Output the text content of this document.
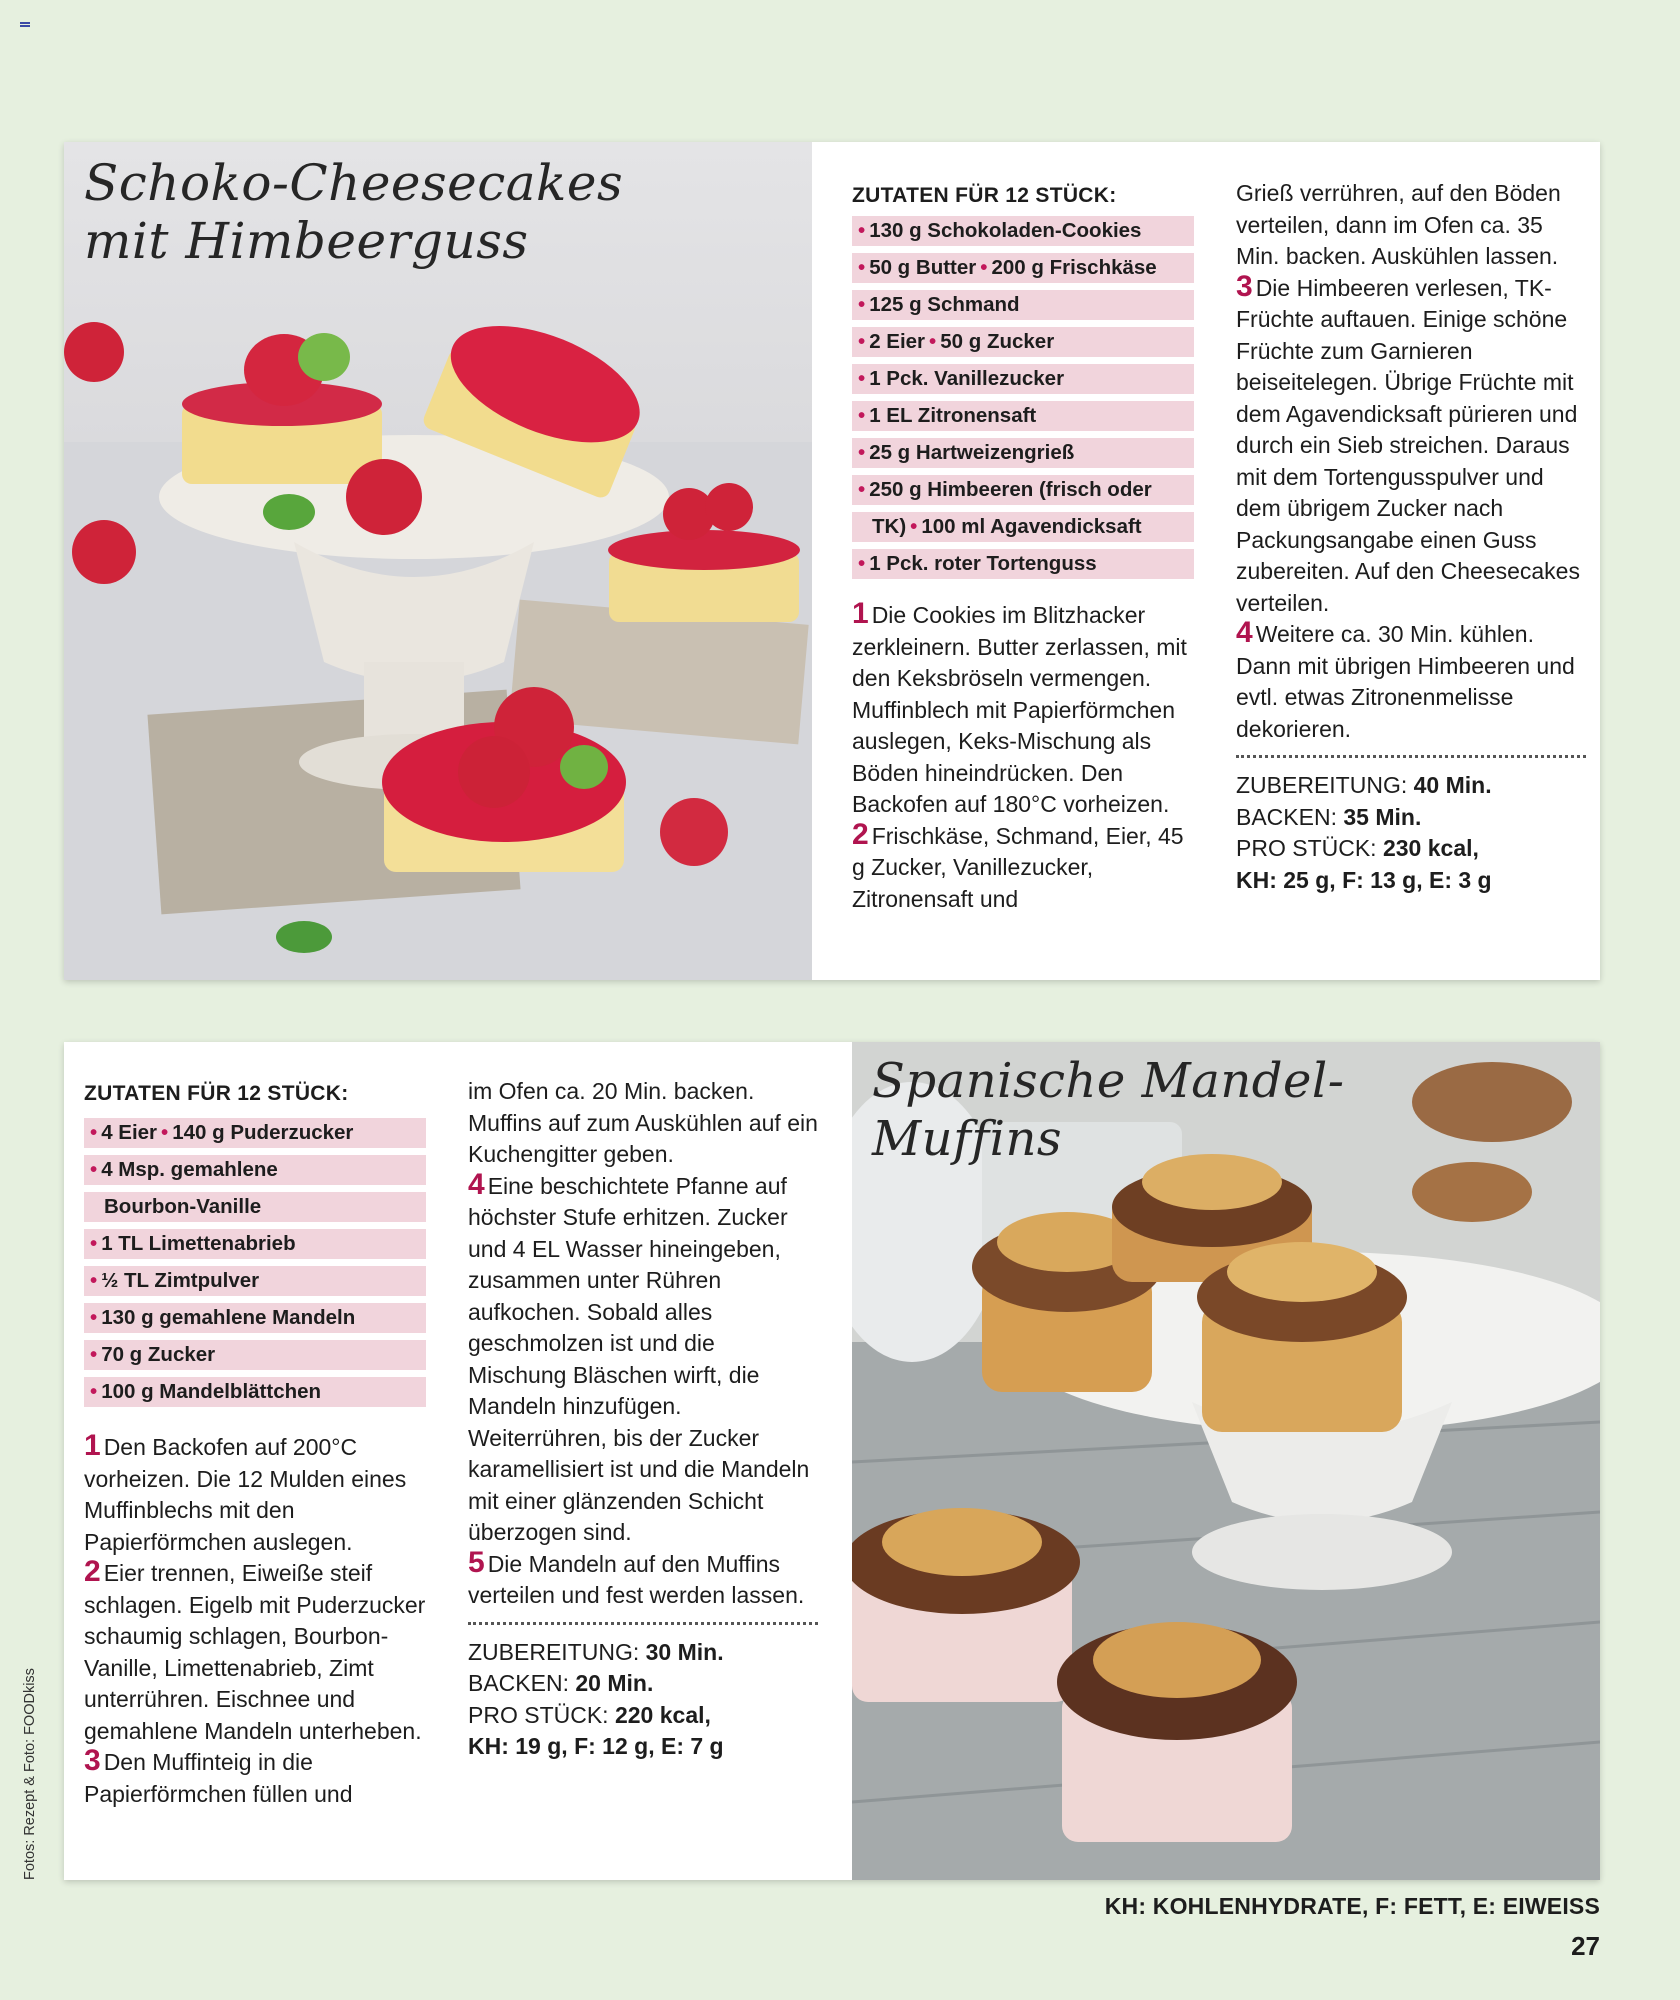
Schoko-Cheesecakes mit Himbeerguss
ZUTATEN FÜR 12 STÜCK:
• 130 g Schokoladen-Cookies
• 50 g Butter • 200 g Frischkäse
• 125 g Schmand
• 2 Eier • 50 g Zucker
• 1 Pck. Vanillezucker
• 1 EL Zitronensaft
• 25 g Hartweizengrieß
• 250 g Himbeeren (frisch oder
TK) • 100 ml Agavendicksaft
• 1 Pck. roter Tortenguss

1 Die Cookies im Blitzhacker zerkleinern. Butter zerlassen, mit den Keksbröseln vermengen. Muffinblech mit Papierförmchen auslegen, Keks-Mischung als Böden hineindrücken. Den Backofen auf 180°C vorheizen.

2 Frischkäse, Schmand, Eier, 45 g Zucker, Vanillezucker, Zitronensaft und

Grieß verrühren, auf den Böden verteilen, dann im Ofen ca. 35 Min. backen. Auskühlen lassen.

3 Die Himbeeren verlesen, TK-Früchte auftauen. Einige schöne Früchte zum Garnieren beiseitelegen. Übrige Früchte mit dem Agavendicksaft pürieren und durch ein Sieb streichen. Daraus mit dem Tortengusspulver und dem übrigem Zucker nach Packungsangabe einen Guss zubereiten. Auf den Cheesecakes verteilen.

4 Weitere ca. 30 Min. kühlen. Dann mit übrigen Himbeeren und evtl. etwas Zitronenmelisse dekorieren.

ZUBEREITUNG: 40 Min.
BACKEN: 35 Min.
PRO STÜCK: 230 kcal,
KH: 25 g, F: 13 g, E: 3 g
ZUTATEN FÜR 12 STÜCK:
• 4 Eier • 140 g Puderzucker
• 4 Msp. gemahlene
Bourbon-Vanille
• 1 TL Limettenabrieb
• ½ TL Zimtpulver
• 130 g gemahlene Mandeln
• 70 g Zucker
• 100 g Mandelblättchen

1 Den Backofen auf 200°C vorheizen. Die 12 Mulden eines Muffinblechs mit den Papierförmchen auslegen.

2 Eier trennen, Eiweiße steif schlagen. Eigelb mit Puderzucker schaumig schlagen, Bourbon-Vanille, Limettenabrieb, Zimt unterrühren. Eischnee und gemahlene Mandeln unterheben.

3 Den Muffinteig in die Papierförmchen füllen und

im Ofen ca. 20 Min. backen. Muffins auf zum Auskühlen auf ein Kuchengitter geben.

4 Eine beschichtete Pfanne auf höchster Stufe erhitzen. Zucker und 4 EL Wasser hineingeben, zusammen unter Rühren aufkochen. Sobald alles geschmolzen ist und die Mischung Bläschen wirft, die Mandeln hinzufügen. Weiterrühren, bis der Zucker karamellisiert ist und die Mandeln mit einer glänzenden Schicht überzogen sind.

5 Die Mandeln auf den Muffins verteilen und fest werden lassen.

ZUBEREITUNG: 30 Min.
BACKEN: 20 Min.
PRO STÜCK: 220 kcal,
KH: 19 g, F: 12 g, E: 7 g
Spanische Mandel-Muffins
KH: KOHLENHYDRATE, F: FETT, E: EIWEISS
27
Fotos: Rezept & Foto: FOODkiss
